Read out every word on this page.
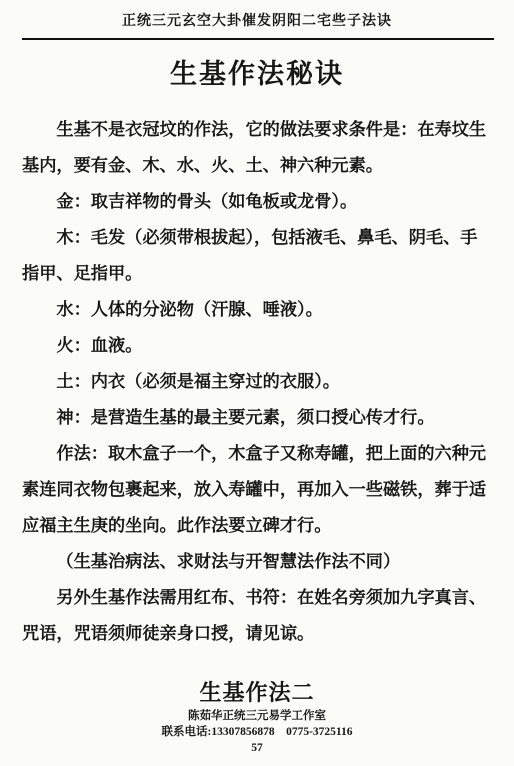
正统三元玄空大卦催发阴阳二宅些子法诀
生基作法秘诀

生基不是衣冠坟的作法，它的做法要求条件是：在寿坟生基内，要有金、木、水、火、土、神六种元素。

金：取吉祥物的骨头（如龟板或龙骨）。

木：毛发（必须带根拔起），包括液毛、鼻毛、阴毛、手指甲、足指甲。

水：人体的分泌物（汗腺、唾液）。

火：血液。

土：内衣（必须是福主穿过的衣服）。

神：是营造生基的最主要元素，须口授心传才行。

作法：取木盒子一个，木盒子又称寿罐，把上面的六种元素连同衣物包裹起来，放入寿罐中，再加入一些磁铁，葬于适应福主生庚的坐向。此作法要立碑才行。

（生基治病法、求财法与开智慧法作法不同）

另外生基作法需用红布、书符：在姓名旁须加九字真言、咒语，咒语须师徒亲身口授，请见谅。

生基作法二
陈茹华正统三元易学工作室
联系电话:13307856878　0775-3725116
57
